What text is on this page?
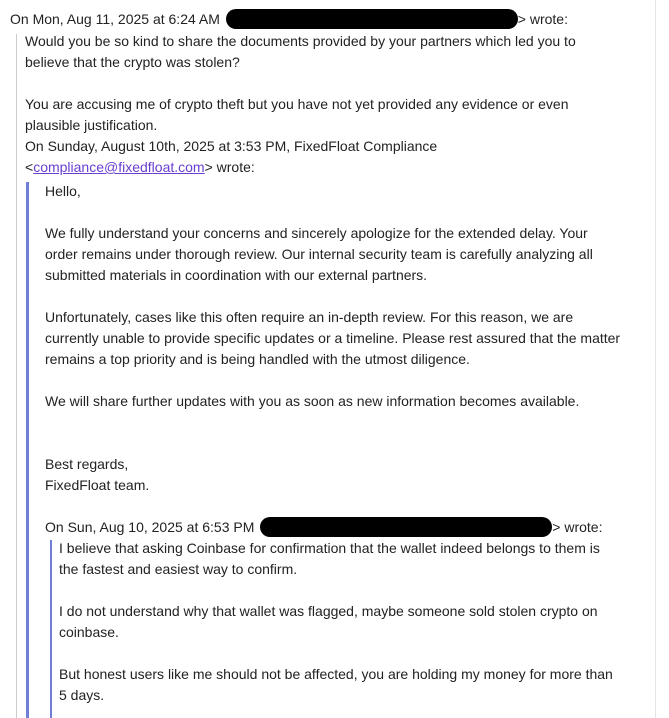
On Mon, Aug 11, 2025 at 6:24 AM	> wrote:
Would you be so kind to share the documents provided by your partners which led you to
believe that the crypto was stolen?
You are accusing me of crypto theft but you have not yet provided any evidence or even
plausible justification.
On Sunday, August 10th, 2025 at 3:53 PM, FixedFloat Compliance
<compliance@fixedfloat.com> wrote:
Hello,
We fully understand your concerns and sincerely apologize for the extended delay. Your
order remains under thorough review. Our internal security team is carefully analyzing all
submitted materials in coordination with our external partners.
Unfortunately, cases like this often require an in-depth review. For this reason, we are
currently unable to provide specific updates or a timeline. Please rest assured that the matter
remains a top priority and is being handled with the utmost diligence.
We will share further updates with you as soon as new information becomes available.
Best regards,
FixedFloat team.
On Sun, Aug 10, 2025 at 6:53 PM	> wrote:
I believe that asking Coinbase for confirmation that the wallet indeed belongs to them is
the fastest and easiest way to confirm.
I do not understand why that wallet was flagged, maybe someone sold stolen crypto on
coinbase.
But honest users like me should not be affected, you are holding my money for more than
5 days.
